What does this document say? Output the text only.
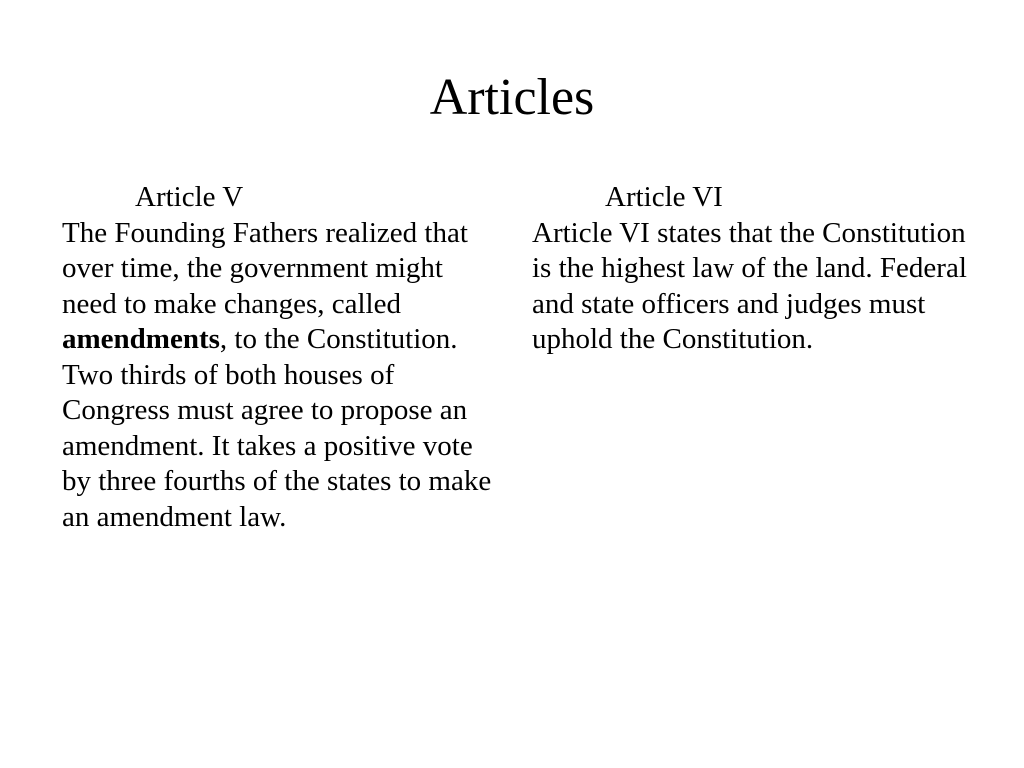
Articles

Article V

The Founding Fathers realized that over time, the government might need to make changes, called amendments, to the Constitution. Two thirds of both houses of Congress must agree to propose an amendment. It takes a positive vote by three fourths of the states to make an amendment law.

Article VI

Article VI states that the Constitution is the highest law of the land. Federal and state officers and judges must uphold the Constitution.
